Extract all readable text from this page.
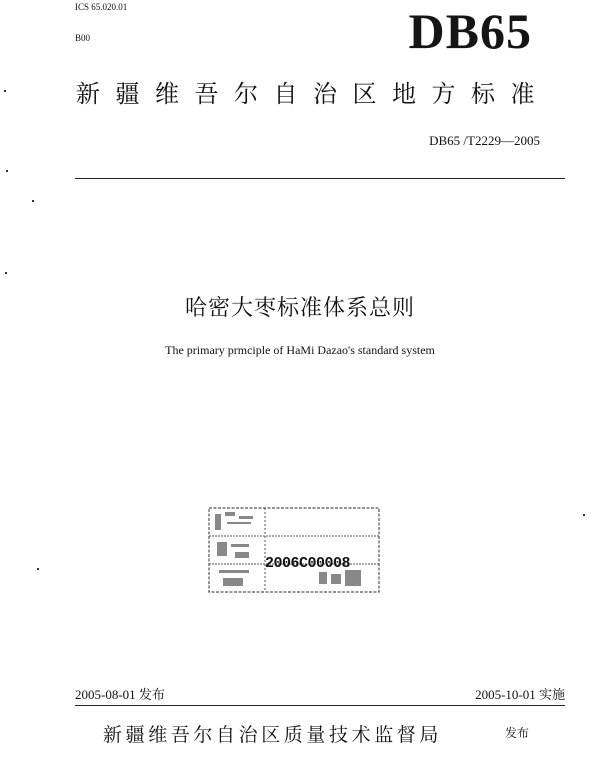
ICS 65.020.01
B00	DB65
新疆维吾尔自治区地方标准
DB65 /T2229—2005
哈密大枣标准体系总则
The primary prmciple of HaMi Dazao's standard system
2006C00008
2005-08-01 发布	2005-10-01 实施
新疆维吾尔自治区质量技术监督局	发布
